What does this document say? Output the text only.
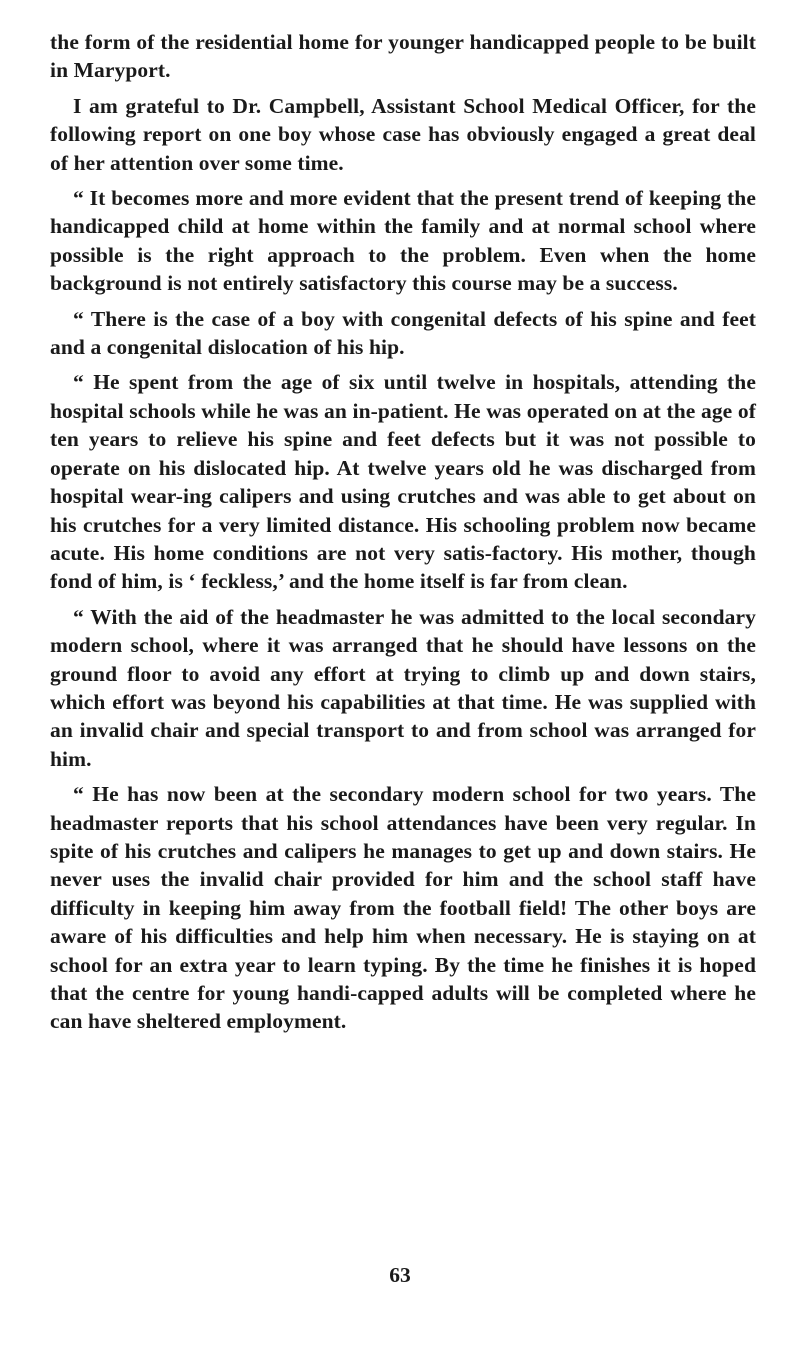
the form of the residential home for younger handicapped people to be built in Maryport.

I am grateful to Dr. Campbell, Assistant School Medical Officer, for the following report on one boy whose case has obviously engaged a great deal of her attention over some time.

“ It becomes more and more evident that the present trend of keeping the handicapped child at home within the family and at normal school where possible is the right approach to the problem. Even when the home background is not entirely satisfactory this course may be a success.

“ There is the case of a boy with congenital defects of his spine and feet and a congenital dislocation of his hip.

“ He spent from the age of six until twelve in hospitals, attending the hospital schools while he was an in-patient. He was operated on at the age of ten years to relieve his spine and feet defects but it was not possible to operate on his dislocated hip. At twelve years old he was discharged from hospital wear-ing calipers and using crutches and was able to get about on his crutches for a very limited distance. His schooling problem now became acute. His home conditions are not very satis-factory. His mother, though fond of him, is ‘ feckless,’ and the home itself is far from clean.

“ With the aid of the headmaster he was admitted to the local secondary modern school, where it was arranged that he should have lessons on the ground floor to avoid any effort at trying to climb up and down stairs, which effort was beyond his capabilities at that time. He was supplied with an invalid chair and special transport to and from school was arranged for him.

“ He has now been at the secondary modern school for two years. The headmaster reports that his school attendances have been very regular. In spite of his crutches and calipers he manages to get up and down stairs. He never uses the invalid chair provided for him and the school staff have difficulty in keeping him away from the football field! The other boys are aware of his difficulties and help him when necessary. He is staying on at school for an extra year to learn typing. By the time he finishes it is hoped that the centre for young handi-capped adults will be completed where he can have sheltered employment.

63
